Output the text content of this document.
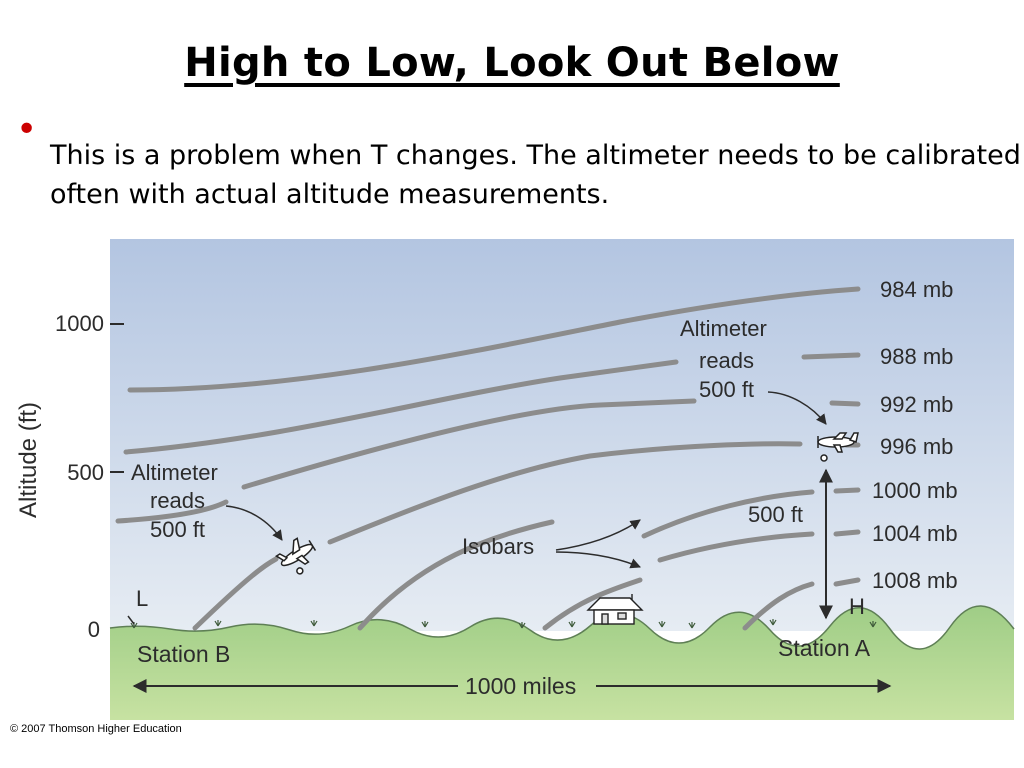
High to Low, Look Out Below
•
This is a problem when T changes. The altimeter needs to be calibrated often with actual altitude measurements.
Altitude (ft)
1000
500
0
984 mb
988 mb
992 mb
996 mb
1000 mb
1004 mb
1008 mb
Altimeter
reads
500 ft
Altimeter
reads
500 ft
Isobars
L
500 ft
H
Station B	Station A
1000 miles
© 2007 Thomson Higher Education
